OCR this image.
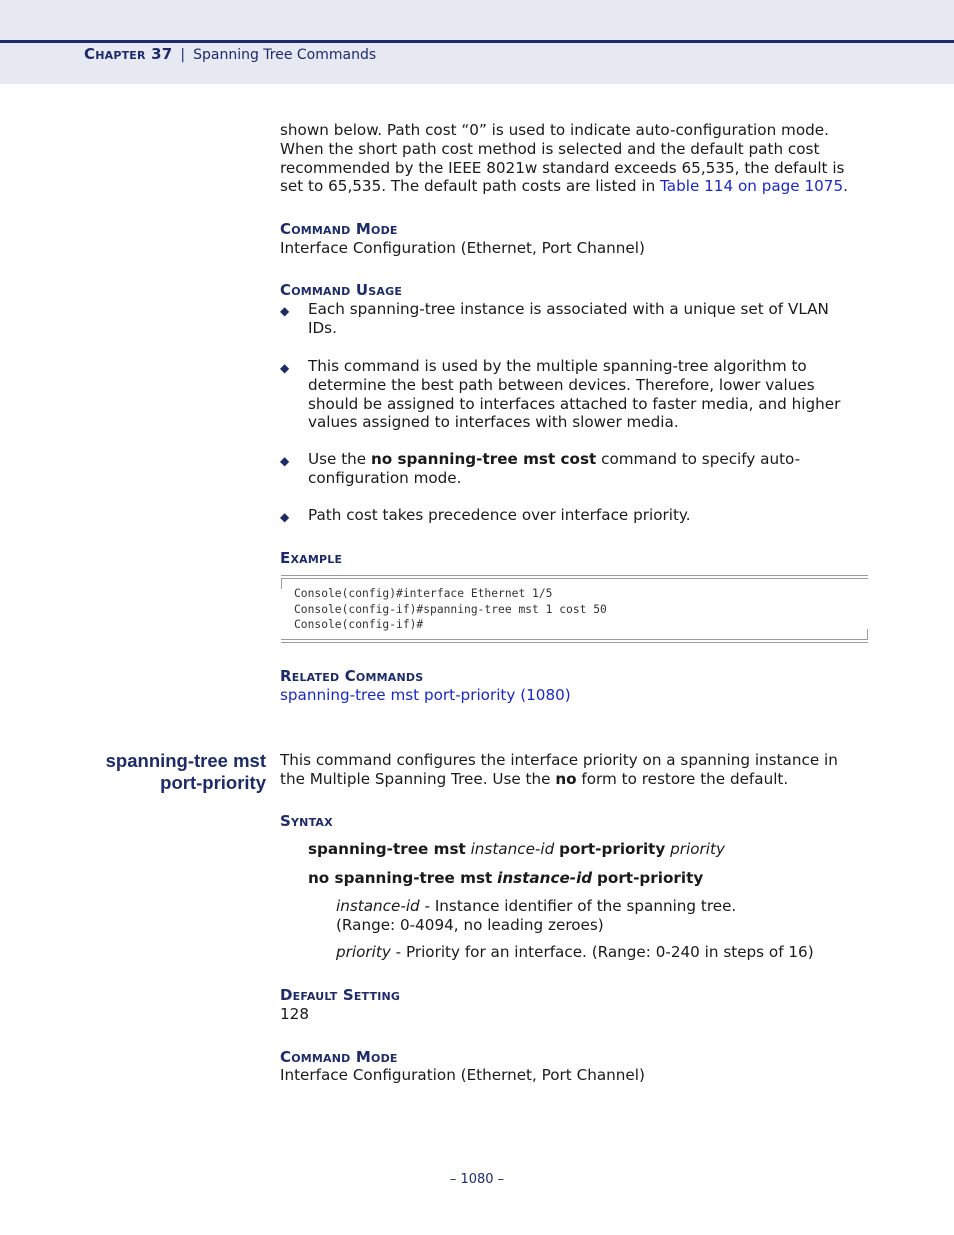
Chapter 37 | Spanning Tree Commands
shown below. Path cost “0” is used to indicate auto-configuration mode.
When the short path cost method is selected and the default path cost
recommended by the IEEE 8021w standard exceeds 65,535, the default is
set to 65,535. The default path costs are listed in Table 114 on page 1075.
Command Mode
Interface Configuration (Ethernet, Port Channel)
Command Usage
◆ Each spanning-tree instance is associated with a unique set of VLAN
IDs.
◆ This command is used by the multiple spanning-tree algorithm to
determine the best path between devices. Therefore, lower values
should be assigned to interfaces attached to faster media, and higher
values assigned to interfaces with slower media.
◆ Use the no spanning-tree mst cost command to specify auto-
configuration mode.
◆ Path cost takes precedence over interface priority.
Example
Console(config)#interface Ethernet 1/5
Console(config-if)#spanning-tree mst 1 cost 50
Console(config-if)#
Related Commands
spanning-tree mst port-priority (1080)
spanning-tree mst
port-priority
This command configures the interface priority on a spanning instance in
the Multiple Spanning Tree. Use the no form to restore the default.
Syntax
spanning-tree mst instance-id port-priority priority
no spanning-tree mst instance-id port-priority
instance-id - Instance identifier of the spanning tree.
(Range: 0-4094, no leading zeroes)
priority - Priority for an interface. (Range: 0-240 in steps of 16)
Default Setting
128
Command Mode
Interface Configuration (Ethernet, Port Channel)
– 1080 –
